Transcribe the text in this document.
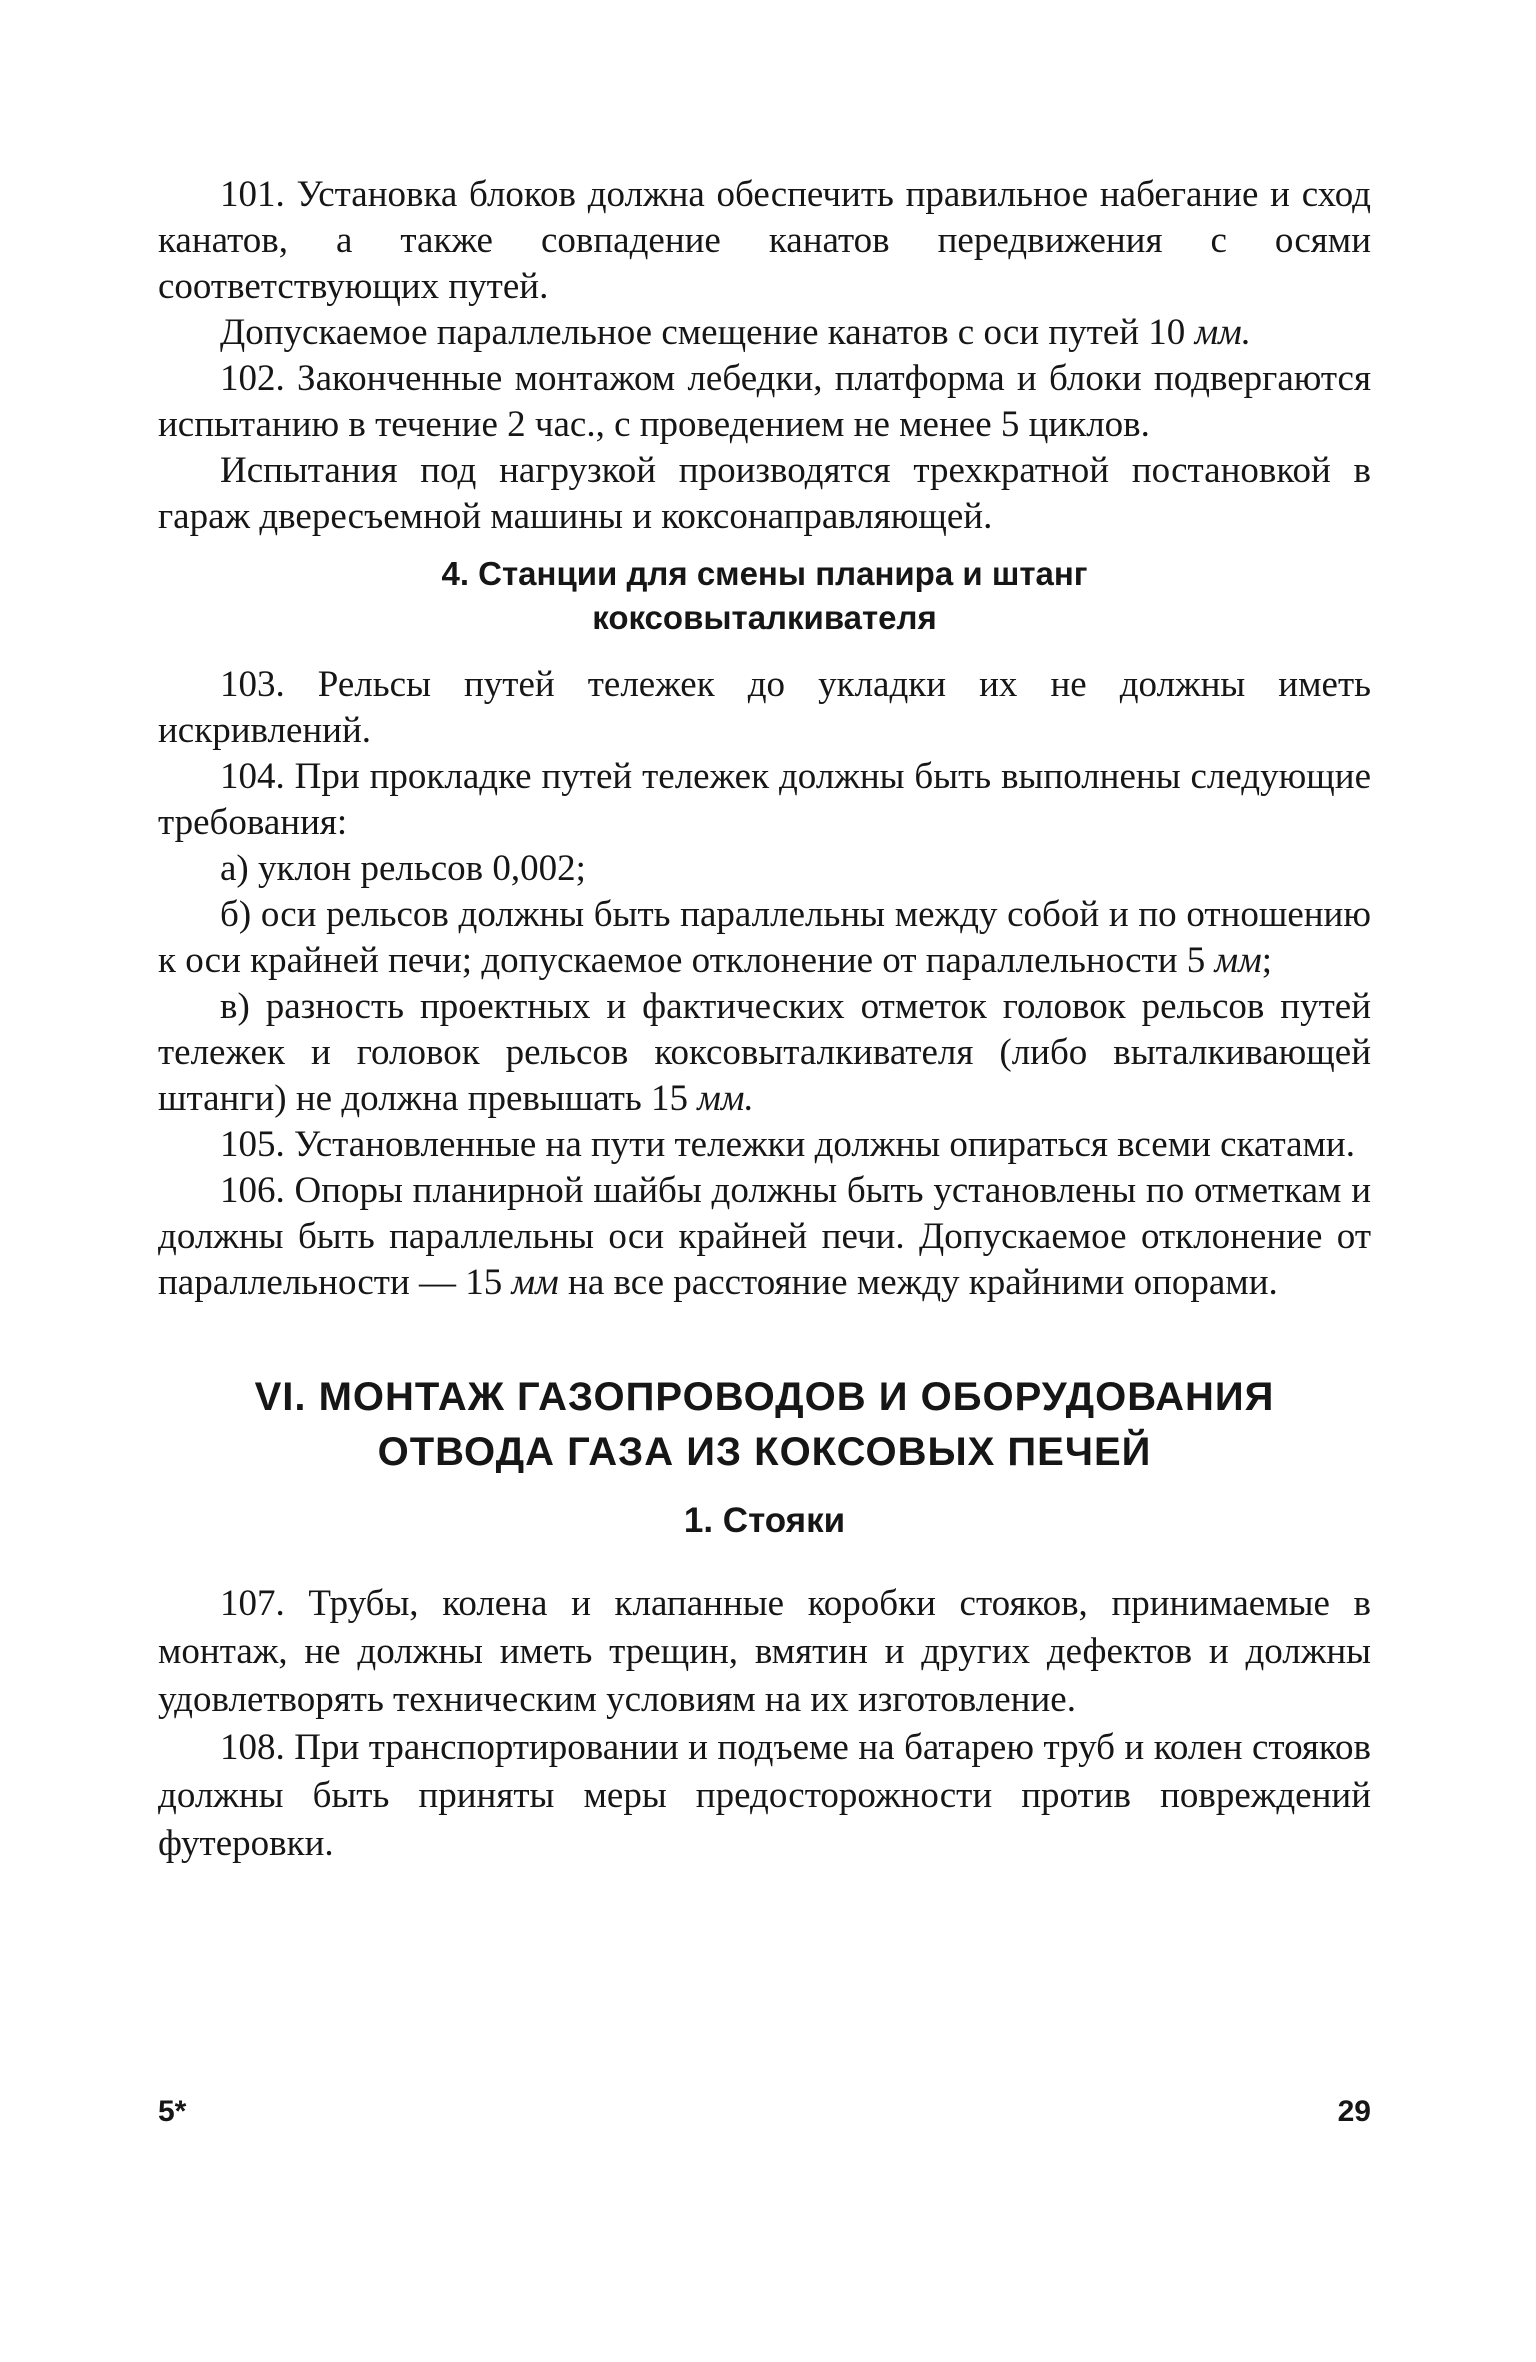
101. Установка блоков должна обеспечить правильное набегание и сход канатов, а также совпадение канатов передвижения с осями соответствующих путей.

Допускаемое параллельное смещение канатов с оси путей 10 мм.

102. Законченные монтажом лебедки, платформа и блоки подвергаются испытанию в течение 2 час., с проведением не менее 5 циклов.

Испытания под нагрузкой производятся трехкратной постановкой в гараж двересъемной машины и коксонаправляющей.

4. Станции для смены планира и штанг
коксовыталкивателя

103. Рельсы путей тележек до укладки их не должны иметь искривлений.

104. При прокладке путей тележек должны быть выполнены следующие требования:

а) уклон рельсов 0,002;

б) оси рельсов должны быть параллельны между собой и по отношению к оси крайней печи; допускаемое отклонение от параллельности 5 мм;

в) разность проектных и фактических отметок головок рельсов путей тележек и головок рельсов коксовыталкивателя (либо выталкивающей штанги) не должна превышать 15 мм.

105. Установленные на пути тележки должны опираться всеми скатами.

106. Опоры планирной шайбы должны быть установлены по отметкам и должны быть параллельны оси крайней печи. Допускаемое отклонение от параллельности — 15 мм на все расстояние между крайними опорами.

VI. МОНТАЖ ГАЗОПРОВОДОВ И ОБОРУДОВАНИЯ
ОТВОДА ГАЗА ИЗ КОКСОВЫХ ПЕЧЕЙ
1. Стояки

107. Трубы, колена и клапанные коробки стояков, принимаемые в монтаж, не должны иметь трещин, вмятин и других дефектов и должны удовлетворять техническим условиям на их изготовление.

108. При транспортировании и подъеме на батарею труб и колен стояков должны быть приняты меры предосторожности против повреждений футеровки.

5*	29
